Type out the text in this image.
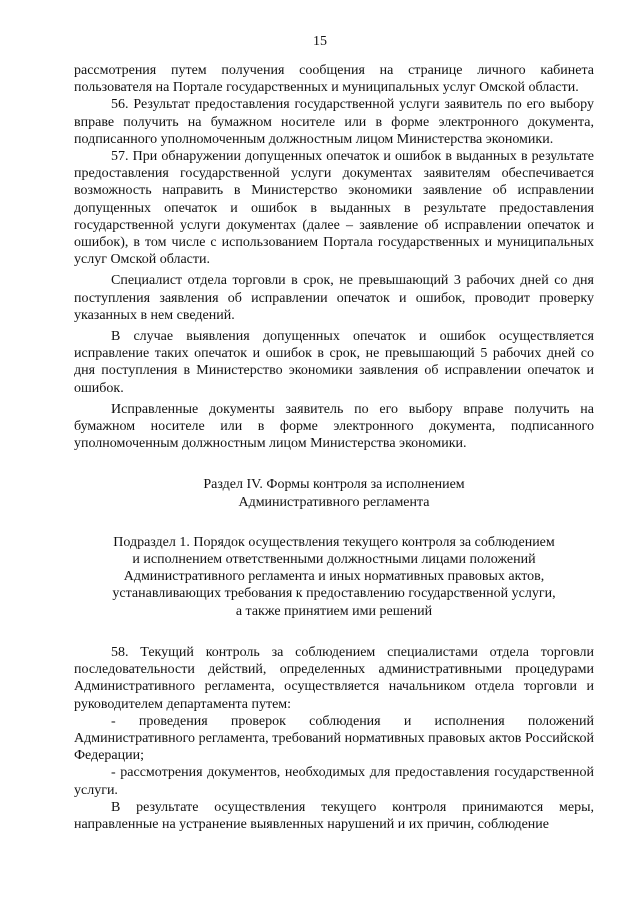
15

рассмотрения путем получения сообщения на странице личного кабинета пользователя на Портале государственных и муниципальных услуг Омской области.

56. Результат предоставления государственной услуги заявитель по его выбору вправе получить на бумажном носителе или в форме электронного документа, подписанного уполномоченным должностным лицом Министерства экономики.

57. При обнаружении допущенных опечаток и ошибок в выданных в результате предоставления государственной услуги документах заявителям обеспечивается возможность направить в Министерство экономики заявление об исправлении допущенных опечаток и ошибок в выданных в результате предоставления государственной услуги документах (далее – заявление об исправлении опечаток и ошибок), в том числе с использованием Портала государственных и муниципальных услуг Омской области.

Специалист отдела торговли в срок, не превышающий 3 рабочих дней со дня поступления заявления об исправлении опечаток и ошибок, проводит проверку указанных в нем сведений.

В случае выявления допущенных опечаток и ошибок осуществляется исправление таких опечаток и ошибок в срок, не превышающий 5 рабочих дней со дня поступления в Министерство экономики заявления об исправлении опечаток и ошибок.

Исправленные документы заявитель по его выбору вправе получить на бумажном носителе или в форме электронного документа, подписанного уполномоченным должностным лицом Министерства экономики.

Раздел IV. Формы контроля за исполнением

Административного регламента

Подраздел 1. Порядок осуществления текущего контроля за соблюдением

и исполнением ответственными должностными лицами положений

Административного регламента и иных нормативных правовых актов,

устанавливающих требования к предоставлению государственной услуги,

а также принятием ими решений

58. Текущий контроль за соблюдением специалистами отдела торговли последовательности действий, определенных административными процедурами Административного регламента, осуществляется начальником отдела торговли и руководителем департамента путем:

- проведения проверок соблюдения и исполнения положений Административного регламента, требований нормативных правовых актов Российской Федерации;

- рассмотрения документов, необходимых для предоставления государственной услуги.

В результате осуществления текущего контроля принимаются меры, направленные на устранение выявленных нарушений и их причин, соблюдение
